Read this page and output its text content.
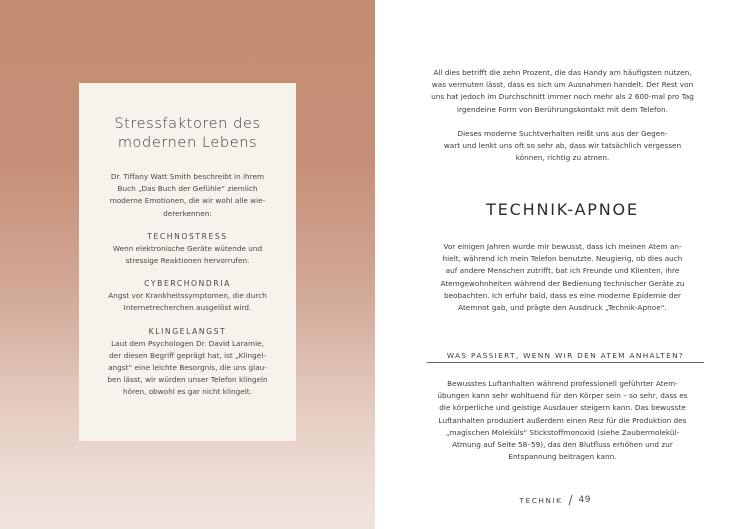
Stressfaktoren des
modernen Lebens

Dr. Tiffany Watt Smith beschreibt in ihrem
Buch „Das Buch der Gefühle“ ziemlich
moderne Emotionen, die wir wohl alle wie-
dererkennen:

TECHNOSTRESS

Wenn elektronische Geräte wütende und
stressige Reaktionen hervorrufen.

CYBERCHONDRIA

Angst vor Krankheitssymptomen, die durch
Internetrecherchen ausgelöst wird.

KLINGELANGST

Laut dem Psychologen Dr. David Laramie,
der diesen Begriff geprägt hat, ist „Klingel-
angst“ eine leichte Besorgnis, die uns glau-
ben lässt, wir würden unser Telefon klingeln
hören, obwohl es gar nicht klingelt.

All dies betrifft die zehn Prozent, die das Handy am häufigsten nutzen,
was vermuten lässt, dass es sich um Ausnahmen handelt. Der Rest von
uns hat jedoch im Durchschnitt immer noch mehr als 2 600-mal pro Tag
irgendeine Form von Berührungskontakt mit dem Telefon.

Dieses moderne Suchtverhalten reißt uns aus der Gegen-
wart und lenkt uns oft so sehr ab, dass wir tatsächlich vergessen
können, richtig zu atmen.

TECHNIK-APNOE

Vor einigen Jahren wurde mir bewusst, dass ich meinen Atem an-
hielt, während ich mein Telefon benutzte. Neugierig, ob dies auch
auf andere Menschen zutrifft, bat ich Freunde und Klienten, ihre
Atemgewohnheiten während der Bedienung technischer Geräte zu
beobachten. Ich erfuhr bald, dass es eine moderne Epidemie der
Atemnot gab, und prägte den Ausdruck „Technik-Apnoe“.

WAS PASSIERT, WENN WIR DEN ATEM ANHALTEN?

Bewusstes Luftanhalten während professionell geführter Atem-
übungen kann sehr wohltuend für den Körper sein – so sehr, dass es
die körperliche und geistige Ausdauer steigern kann. Das bewusste
Luftanhalten produziert außerdem einen Reiz für die Produktion des
„magischen Moleküls“ Stickstoffmonoxid (siehe Zaubermolekül-
Atmung auf Seite 58–59), das den Blutfluss erhöhen und zur
Entspannung beitragen kann.

TECHNIK / 49
